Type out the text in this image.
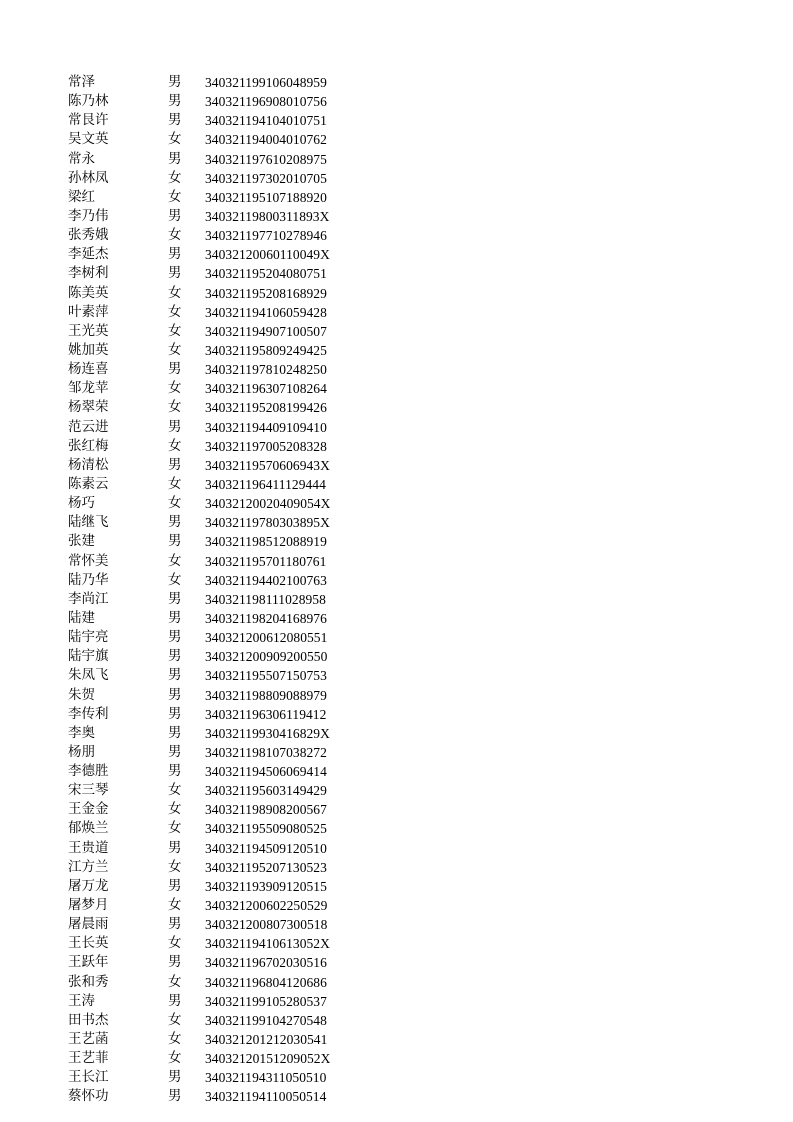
常泽	男	340321199106048959
陈乃林	男	340321196908010756
常艮许	男	340321194104010751
吴文英	女	340321194004010762
常永	男	340321197610208975
孙林凤	女	340321197302010705
梁红	女	340321195107188920
李乃伟	男	34032119800311893X
张秀娥	女	340321197710278946
李延杰	男	34032120060110049X
李树利	男	340321195204080751
陈美英	女	340321195208168929
叶素萍	女	340321194106059428
王光英	女	340321194907100507
姚加英	女	340321195809249425
杨连喜	男	340321197810248250
邹龙苹	女	340321196307108264
杨翠荣	女	340321195208199426
范云进	男	340321194409109410
张红梅	女	340321197005208328
杨清松	男	34032119570606943X
陈素云	女	340321196411129444
杨巧	女	34032120020409054X
陆继飞	男	34032119780303895X
张建	男	340321198512088919
常怀美	女	340321195701180761
陆乃华	女	340321194402100763
李尚江	男	340321198111028958
陆建	男	340321198204168976
陆宇亮	男	340321200612080551
陆宇旗	男	340321200909200550
朱凤飞	男	340321195507150753
朱贺	男	340321198809088979
李传利	男	340321196306119412
李奥	男	34032119930416829X
杨朋	男	340321198107038272
李德胜	男	340321194506069414
宋三琴	女	340321195603149429
王金金	女	340321198908200567
郁焕兰	女	340321195509080525
王贵道	男	340321194509120510
江方兰	女	340321195207130523
屠万龙	男	340321193909120515
屠梦月	女	340321200602250529
屠晨雨	男	340321200807300518
王长英	女	34032119410613052X
王跃年	男	340321196702030516
张和秀	女	340321196804120686
王涛	男	340321199105280537
田书杰	女	340321199104270548
王艺菡	女	340321201212030541
王艺菲	女	34032120151209052X
王长江	男	340321194311050510
蔡怀功	男	340321194110050514
